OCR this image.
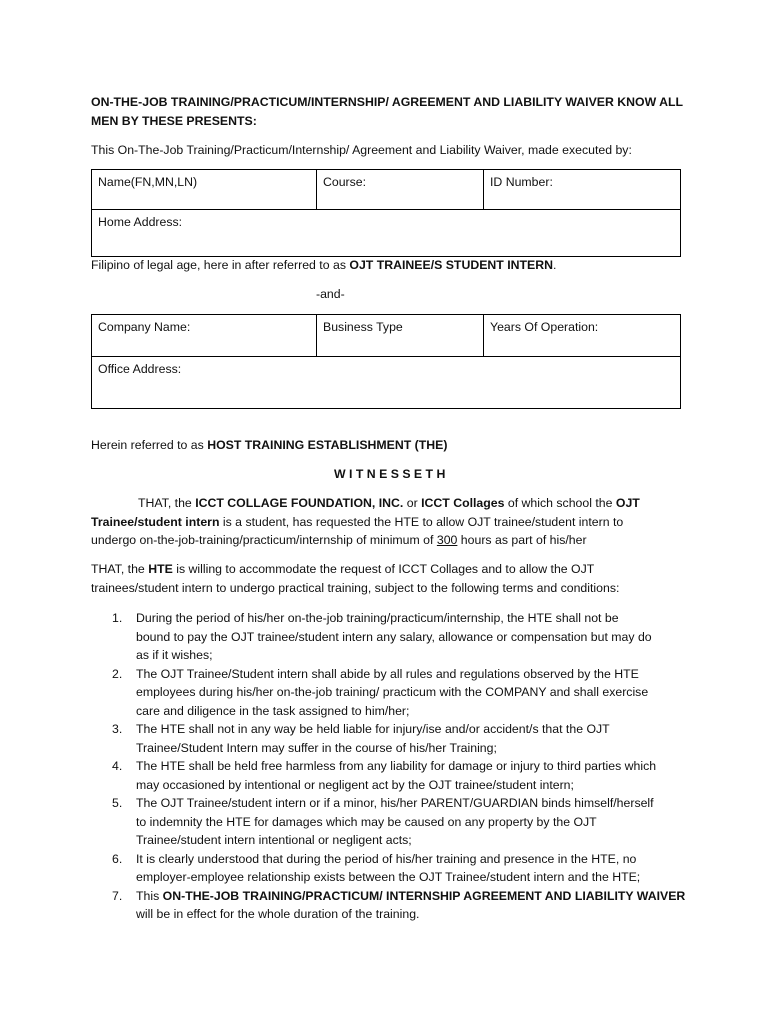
ON-THE-JOB TRAINING/PRACTICUM/INTERNSHIP/ AGREEMENT AND LIABILITY WAIVER KNOW ALL MEN BY THESE PRESENTS:
This On-The-Job Training/Practicum/Internship/ Agreement and Liability Waiver, made executed by:
Name(FN,MN,LN)	Course:	ID Number:
Home Address:
Filipino of legal age, here in after referred to as OJT TRAINEE/S STUDENT INTERN.
-and-
Company Name:	Business Type	Years Of Operation:
Office Address:
Herein referred to as HOST TRAINING ESTABLISHMENT (THE)
W I T N E S S E T H
THAT, the ICCT COLLAGE FOUNDATION, INC. or ICCT Collages of which school the OJT
Trainee/student intern is a student, has requested the HTE to allow OJT trainee/student intern to
undergo on-the-job-training/practicum/internship of minimum of 300 hours as part of his/her
THAT, the HTE is willing to accommodate the request of ICCT Collages and to allow the OJT
trainees/student intern to undergo practical training, subject to the following terms and conditions:
1. During the period of his/her on-the-job training/practicum/internship, the HTE shall not be
bound to pay the OJT trainee/student intern any salary, allowance or compensation but may do
as if it wishes;
2. The OJT Trainee/Student intern shall abide by all rules and regulations observed by the HTE
employees during his/her on-the-job training/ practicum with the COMPANY and shall exercise
care and diligence in the task assigned to him/her;
3. The HTE shall not in any way be held liable for injury/ise and/or accident/s that the OJT
Trainee/Student Intern may suffer in the course of his/her Training;
4. The HTE shall be held free harmless from any liability for damage or injury to third parties which
may occasioned by intentional or negligent act by the OJT trainee/student intern;
5. The OJT Trainee/student intern or if a minor, his/her PARENT/GUARDIAN binds himself/herself
to indemnity the HTE for damages which may be caused on any property by the OJT
Trainee/student intern intentional or negligent acts;
6. It is clearly understood that during the period of his/her training and presence in the HTE, no
employer-employee relationship exists between the OJT Trainee/student intern and the HTE;
7. This ON-THE-JOB TRAINING/PRACTICUM/ INTERNSHIP AGREEMENT AND LIABILITY WAIVER
will be in effect for the whole duration of the training.
